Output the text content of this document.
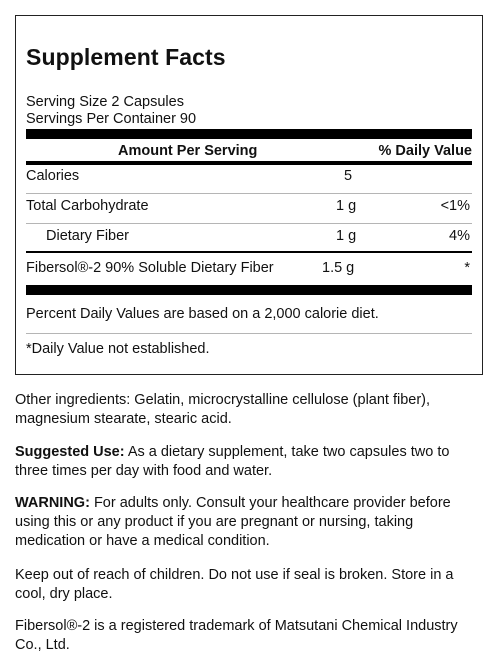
Supplement Facts
Serving Size 2 Capsules
Servings Per Container 90
Amount Per Serving	% Daily Value
Calories	5
Total Carbohydrate	1 g	<1%
Dietary Fiber	1 g	4%
Fibersol®-2 90% Soluble Dietary Fiber	1.5 g	*
Percent Daily Values are based on a 2,000 calorie diet.
*Daily Value not established.
Other ingredients: Gelatin, microcrystalline cellulose (plant fiber), magnesium stearate, stearic acid.
Suggested Use: As a dietary supplement, take two capsules two to three times per day with food and water.
WARNING: For adults only. Consult your healthcare provider before using this or any product if you are pregnant or nursing, taking medication or have a medical condition.
Keep out of reach of children. Do not use if seal is broken. Store in a cool, dry place.
Fibersol®-2 is a registered trademark of Matsutani Chemical Industry Co., Ltd.
